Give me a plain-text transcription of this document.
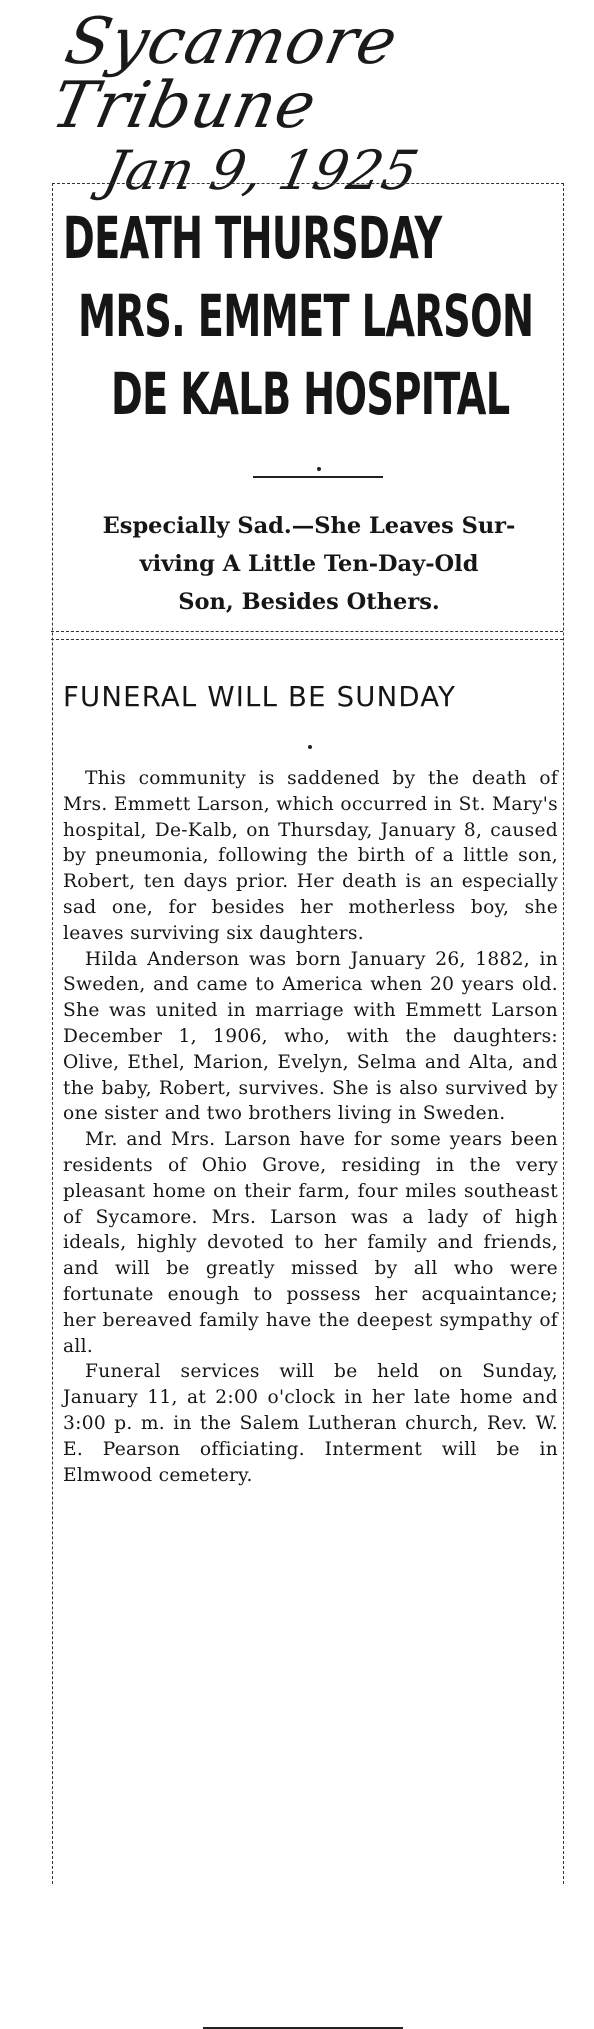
Sycamore Tribune
Jan 9, 1925
DEATH THURSDAY
MRS. EMMET LARSON
DE KALB HOSPITAL
Especially Sad.—She Leaves Sur-
viving A Little Ten-Day-Old
Son, Besides Others.
FUNERAL WILL BE SUNDAY

This community is saddened by the death of Mrs. Emmett Larson, which occurred in St. Mary's hospital, De-Kalb, on Thursday, January 8, caused by pneumonia, following the birth of a little son, Robert, ten days prior. Her death is an especially sad one, for besides her motherless boy, she leaves surviving six daughters.

Hilda Anderson was born January 26, 1882, in Sweden, and came to America when 20 years old. She was united in marriage with Emmett Larson December 1, 1906, who, with the daughters: Olive, Ethel, Marion, Evelyn, Selma and Alta, and the baby, Robert, survives. She is also survived by one sister and two brothers living in Sweden.

Mr. and Mrs. Larson have for some years been residents of Ohio Grove, residing in the very pleasant home on their farm, four miles southeast of Sycamore. Mrs. Larson was a lady of high ideals, highly devoted to her family and friends, and will be greatly missed by all who were fortunate enough to possess her acquaintance; her bereaved family have the deepest sympathy of all.

Funeral services will be held on Sunday, January 11, at 2:00 o'clock in her late home and 3:00 p. m. in the Salem Lutheran church, Rev. W. E. Pearson officiating. Interment will be in Elmwood cemetery.
